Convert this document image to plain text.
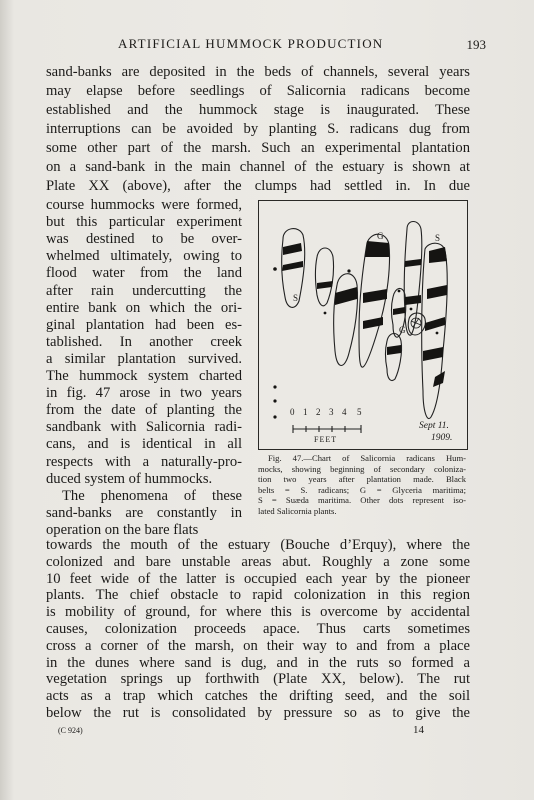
ARTIFICIAL HUMMOCK PRODUCTION	193
sand-banks are deposited in the beds of channels, several years
may elapse before seedlings of Salicornia radicans become
established and the hummock stage is inaugurated. These
interruptions can be avoided by planting S. radicans dug from
some other part of the marsh. Such an experimental plantation
on a sand-bank in the main channel of the estuary is shown at
Plate XX (above), after the clumps had settled in. In due
course hummocks were formed,
but this particular experiment
was destined to be over-
whelmed ultimately, owing to
flood water from the land
after rain undercutting the
entire bank on which the ori-
ginal plantation had been es-
tablished. In another creek
a similar plantation survived.
The hummock system charted
in fig. 47 arose in two years
from the date of planting the
sandbank with Salicornia radi-
cans, and is identical in all
respects with a naturally-pro-
duced system of hummocks.
The phenomena of these
sand-banks are constantly in
operation on the bare flats
0 1 2 3 4 5
FEET
Sept 11.
1909.
S
S
G
G
Fig. 47.—Chart of Salicornia radicans Hum-
mocks, showing beginning of secondary coloniza-
tion two years after plantation made. Black
belts = S. radicans; G = Glyceria maritima;
S = Suæda maritima. Other dots represent iso-
lated Salicornia plants.
towards the mouth of the estuary (Bouche d’Erquy), where the
colonized and bare unstable areas abut. Roughly a zone some
10 feet wide of the latter is occupied each year by the pioneer
plants. The chief obstacle to rapid colonization in this region
is mobility of ground, for where this is overcome by accidental
causes, colonization proceeds apace. Thus carts sometimes
cross a corner of the marsh, on their way to and from a place
(C 924)	14
in the dunes where sand is dug, and in the ruts so formed a
vegetation springs up forthwith (Plate XX, below). The rut
acts as a trap which catches the drifting seed, and the soil
below the rut is consolidated by pressure so as to give the
